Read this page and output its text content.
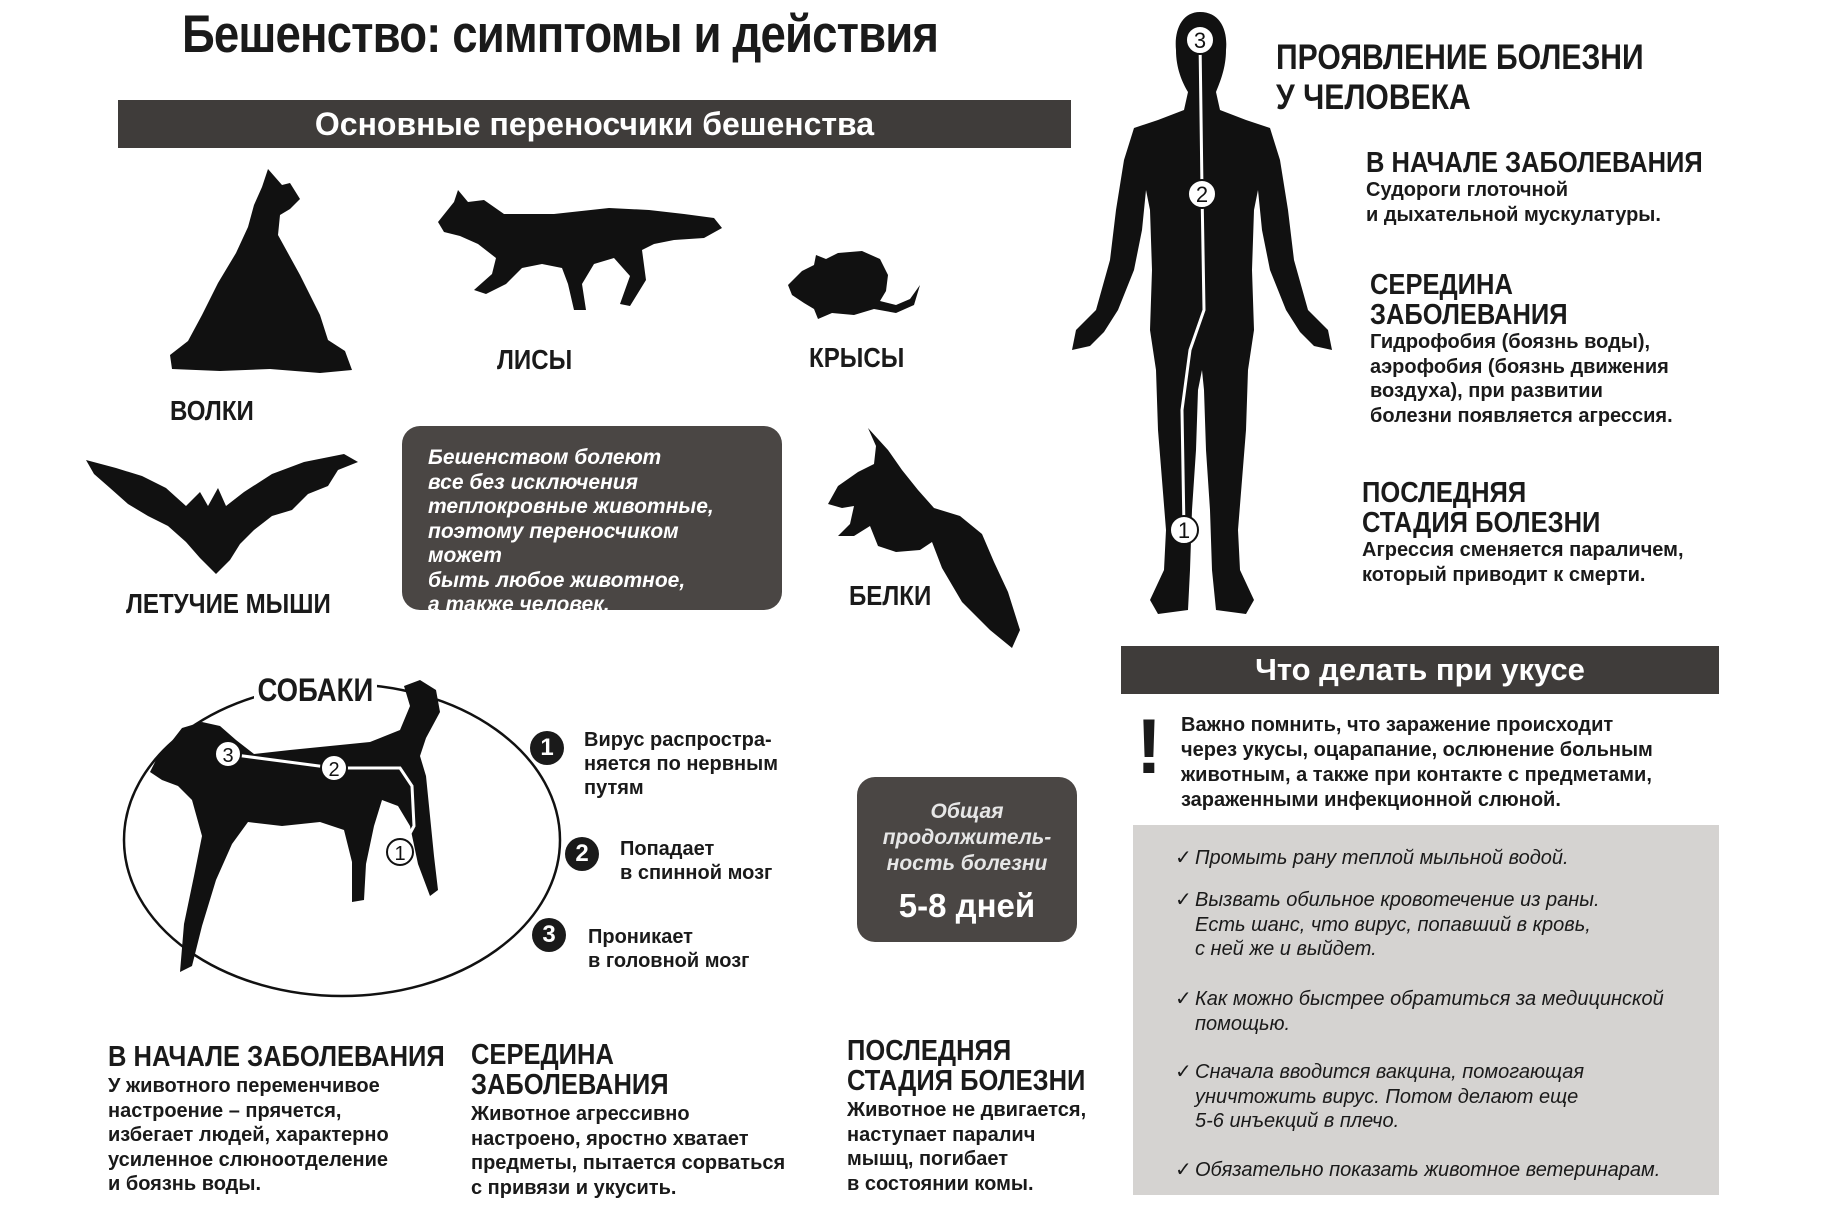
Бешенство: симптомы и действия
Основные переносчики бешенства
ВОЛКИ
ЛИСЫ	КРЫСЫ
ЛЕТУЧИЕ МЫШИ	БЕЛКИ
Бешенством болеют
все без исключения
теплокровные животные,
поэтому переносчиком может
быть любое животное,
а также человек.
3
2
1
СОБАКИ
1	Вирус распростра-
няется по нервным
путям
2	Попадает
в спинной мозг
3	Проникает
в головной мозг
Общая
продолжитель-
ность болезни
5-8 дней
В НАЧАЛЕ ЗАБОЛЕВАНИЯ
У животного переменчивое
настроение – прячется,
избегает людей, характерно
усиленное слюноотделение
и боязнь воды.
СЕРЕДИНА
ЗАБОЛЕВАНИЯ
Животное агрессивно
настроено, яростно хватает
предметы, пытается сорваться
с привязи и укусить.
ПОСЛЕДНЯЯ
СТАДИЯ БОЛЕЗНИ
Животное не двигается,
наступает паралич
мышц, погибает
в состоянии комы.
3
2
1
ПРОЯВЛЕНИЕ БОЛЕЗНИ
У ЧЕЛОВЕКА
В НАЧАЛЕ ЗАБОЛЕВАНИЯ
Судороги глоточной
и дыхательной мускулатуры.
СЕРЕДИНА
ЗАБОЛЕВАНИЯ
Гидрофобия (боязнь воды),
аэрофобия (боязнь движения
воздуха), при развитии
болезни появляется агрессия.
ПОСЛЕДНЯЯ
СТАДИЯ БОЛЕЗНИ
Агрессия сменяется параличем,
который приводит к смерти.
Что делать при укусе
! Важно помнить, что заражение происходит
через укусы, оцарапание, ослюнение больным
животным, а также при контакте с предметами,
зараженными инфекционной слюной.
✓ Промыть рану теплой мыльной водой.
✓ Вызвать обильное кровотечение из раны.
Есть шанс, что вирус, попавший в кровь,
с ней же и выйдет.
✓ Как можно быстрее обратиться за медицинской
помощью.
✓ Сначала вводится вакцина, помогающая
уничтожить вирус. Потом делают еще
5-6 инъекций в плечо.
✓ Обязательно показать животное ветеринарам.
